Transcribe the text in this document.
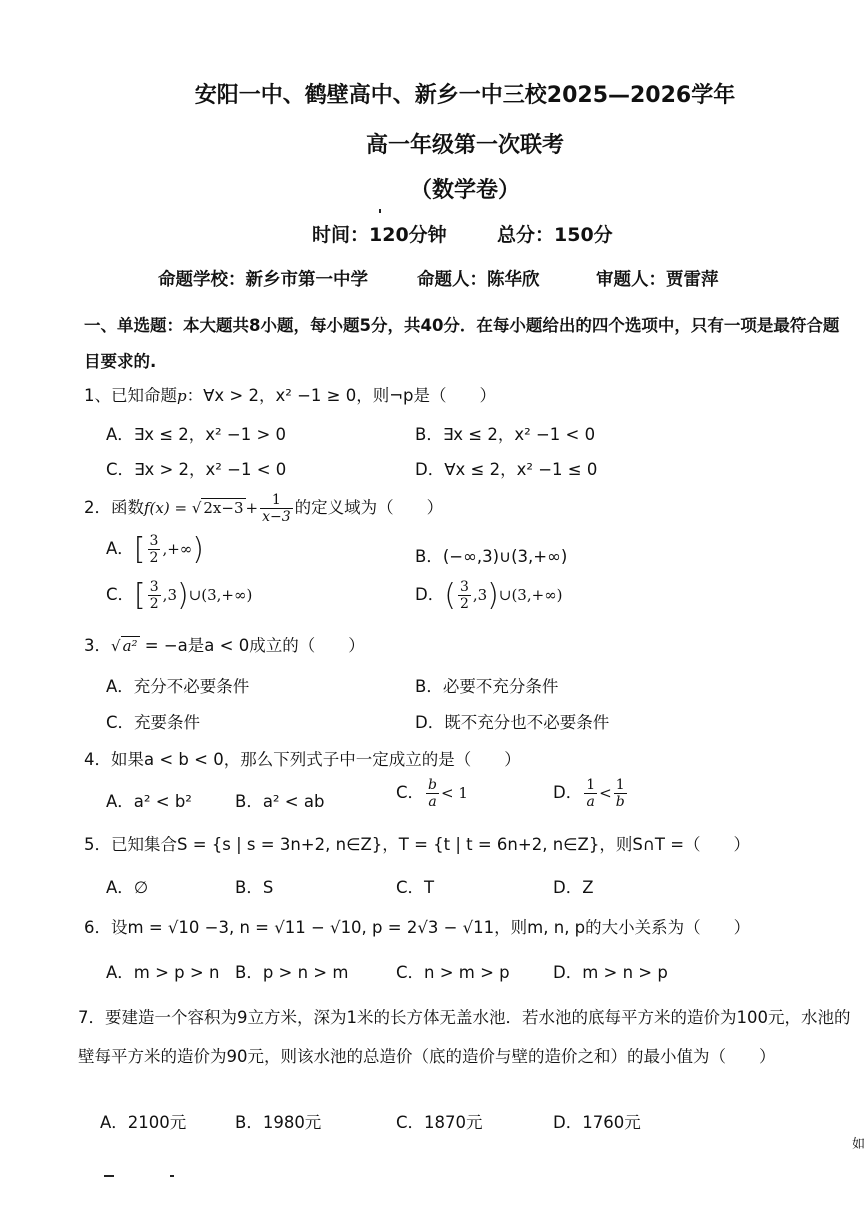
安阳一中、鹤壁高中、新乡一中三校2025—2026学年
高一年级第一次联考
（数学卷）
时间：120分钟	总分：150分
命题学校：新乡市第一中学	命题人：陈华欣	审题人：贾雷萍
一、单选题：本大题共8小题，每小题5分，共40分．在每小题给出的四个选项中，只有一项是最符合题目要求的.
1、已知命题p：∀x > 2，x² −1 ≥ 0，则¬p是（　　）
A．∃x ≤ 2，x² −1 > 0	B．∃x ≤ 2，x² −1 < 0
C．∃x > 2，x² −1 < 0	D．∀x ≤ 2，x² −1 ≤ 0
2．函数f(x) = √ $2x-3 + \frac{1}{x-3}$ 的定义域为（　　）
A．[ $\frac{3}{2}$ ,+∞)	B．(−∞,3)∪(3,+∞)
C．[ $\frac{3}{2}$ ,3)∪(3,+∞)	D．( $\frac{3}{2}$ ,3)∪(3,+∞)
3．√ a² = −a是a < 0成立的（　　）
A．充分不必要条件	B．必要不充分条件
C．充要条件	D．既不充分也不必要条件
4．如果a < b < 0，那么下列式子中一定成立的是（　　）
A．a² < b²	B．a² < ab	C． $\frac{b}{a} < 1$	D． $\frac{1}{a} < \frac{1}{b}$
5．已知集合S = {s | s = 3n+2, n∈Z}，T = {t | t = 6n+2, n∈Z}，则S∩T =（　　）
A．∅	B．S	C．T	D．Z
6．设m = √10 −3, n = √11 − √10, p = 2√3 − √11，则m, n, p的大小关系为（　　）
A．m > p > n B．p > n > m	C．n > m > p	D．m > n > p
7．要建造一个容积为9立方米，深为1米的长方体无盖水池．若水池的底每平方米的造价为100元，水池的壁每平方米的造价为90元，则该水池的总造价（底的造价与壁的造价之和）的最小值为（　　）
A．2100元	B．1980元	C．1870元	D．1760元
如
